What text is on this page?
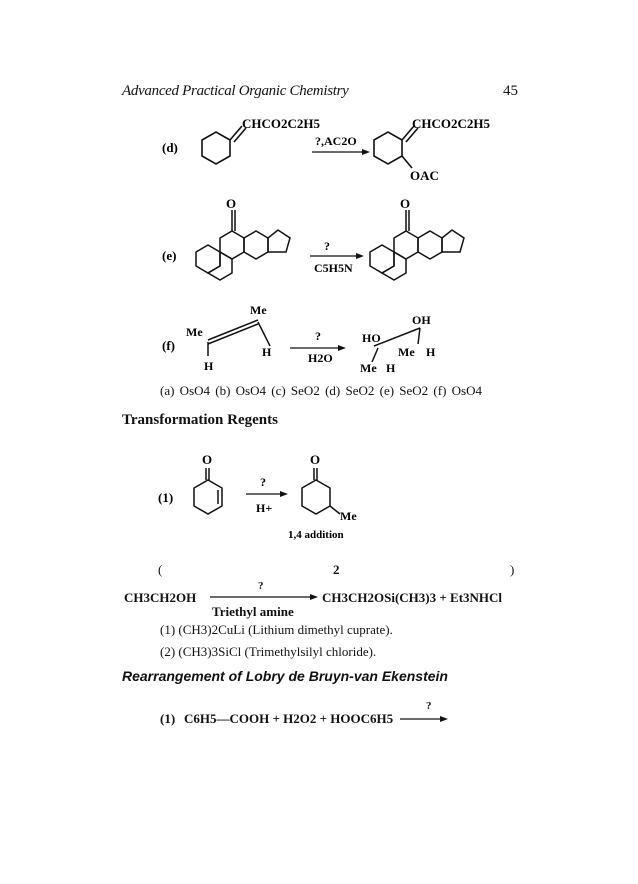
Advanced Practical Organic Chemistry	45
(d)
CHCO2C2H5
?,AC2O
CHCO2C2H5
OAC
(e)
O
?
C5H5N
O
(f)
Me
Me
H
H
?
H2O
OH
HO
Me H
Me H
(a) OsO4 (b) OsO4 (c) SeO2 (d) SeO2 (e) SeO2 (f) OsO4
Transformation Regents
(1)
O
?
H+
O
Me
1,4 addition
(	2	)
CH3CH2OH
?
Triethyl amine
CH3CH2OSi(CH3)3 + Et3NHCl
(1) (CH3)2CuLi (Lithium dimethyl cuprate).
(2) (CH3)3SiCl (Trimethylsilyl chloride).
Rearrangement of Lobry de Bruyn-van Ekenstein
(1) C6H5—COOH + H2O2 + HOOC6H5
?
